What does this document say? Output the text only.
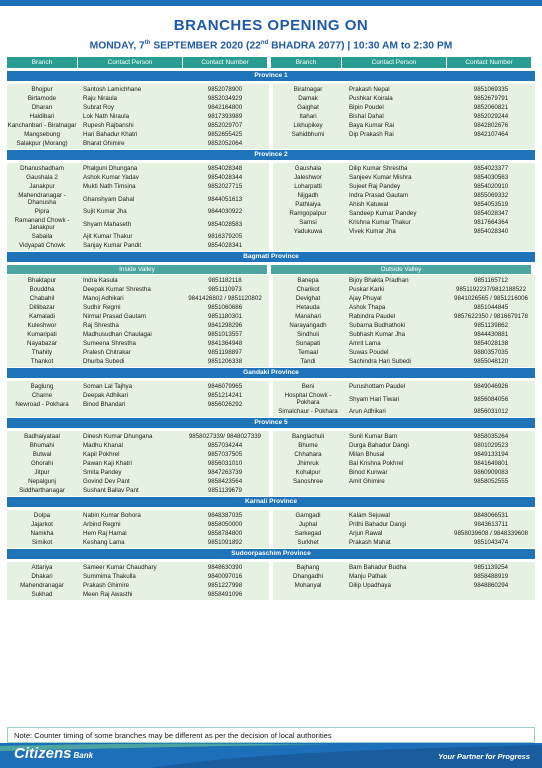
BRANCHES OPENING ON
MONDAY, 7th SEPTEMBER 2020 (22nd BHADRA 2077) | 10:30 AM to 2:30 PM
Branch	Contact Person	Contact Number	Branch	Contact Person	Contact Number
Province 1
Bhojpur	Santosh Lamichhane	9852078900
Birtamode	Raju Niraula	9852034929
Dharan	Subrat Roy	9842164800
Haldibari	Lok Nath Niraula	9817393989
Kanchanbari - Biratnagar	Rupesh Rajbanshi	9852029707
Mangsebung	Hari Bahadur Khatri	9852655425
Salakpur (Morang)	Bharat Ghimire	9852052064
Biratnagar	Prakash Nepal	9851069335
Damak	Pushkar Koirala	9852679791
Gaighat	Bipin Poudel	9852060821
Itahari	Bishal Dahal	9852029244
Likhupikey	Baya Kumar Rai	9842802676
Sahidbhumi	Dip Prakash Rai	9842107464
Province 2
Dhanushadham	Phalguni Dhungana	9854028348
Gaushala 2	Ashok Kumar Yadav	9854028344
Janakpur	Mukti Nath Timsina	9852027715
Mahendranagar - Dhanusha	Ghanshyam Dahal	9844051613
Pipra	Sujit Kumar Jha	9844030922
Ramanand Chowk - Janakpur	Shyam Mahaseth	9854028583
Sabaila	Ajit Kumar Thakur	9816379205
Vidyapati Chowk	Sanjay Kumar Pandit	9854028341
Gaushala	Dilip Kumar Shrestha	9854023377
Jaleshwor	Sanjeev Kumar Mishra	9854030563
Loharpatti	Sujeet Raj Pandey	9854020910
Nijgadh	Indra Prasad Gautam	9855069332
Pathlaiya	Ahish Katuwal	9854053519
Ramgopalpur	Sandeep Kumar Pandey	9854028347
Sarnsi	Krishna Kumar Thakur	9817664364
Yadukuwa	Vivek Kumar Jha	9854028340
Bagmati Province
Inside Valley	Outside Valley
Bhaktapur	Indra Kasula	9851182118
Bouddha	Deepak Kumar Shrestha	9851110973
Chabahil	Manoj Adhikari	9841426802 / 9851120802
Dillibazar	Sudhir Regmi	9851060686
Kamaladi	Nirmal Prasad Gautam	9851180301
Kuleshwor	Raj Shrestha	9841298296
Kumaripati	Madhusudhan Chaulagai	9851013557
Nayabazar	Sumeena Shrestha	9841364948
Thahity	Pralesh Chitrakar	9851198897
Thankot	Dhurba Subedi	9851206338
Banepa	Bijoy Bhakta Pradhan	9851165712
Charikot	Puskar Karki	9851192237/9812188522
Devighat	Ajay Phuyal	9841026565 / 9851216006
Hetauda	Ashok Thapa	9851044845
Manahari	Rabindra Paudel	9857622350 / 9816679178
Narayangadh	Subarna Budhathoki	9851139862
Sindhuli	Subhash Kumar Jha	9844430881
Sunapati	Amrit Lama	9854028138
Temaal	Suwas Poudel	9880357035
Tandi	Sachindra Hari Subedi	9855048120
Gandaki Province
Baglung	Soman Lal Tajhya	9846079965
Charne	Deepak Adhikari	9851214241
Newroad - Pokhara	Binod Bhandari	9856026292
Beni	Purushottam Paudel	9849046926
Hospital Chowk - Pokhara	Shyam Hari Tiwari	9856084056
Simalchaur - Pokhara	Arun Adhikari	9856031012
Province 5
Badhaiyataal	Dinesh Kumar Dhungana	9858027339/ 9848027339
Bhumahi	Madhu Khanal	9857034244
Butwal	Kapil Pokhrel	9857037505
Ghorahi	Pawan Kaji Khatri	9856031010
Jitpur	Smita Pandey	9847263739
Nepalgunj	Govind Dev Pant	9858423564
Siddharthanagar	Sushant Ballav Pant	9851139679
Banglachuli	Sunil Kumar Bam	9858035264
Bhume	Durga Bahadur Dangi	9801029523
Chhahara	Milan Bhusal	9849133194
Jhimruk	Bal Krishna Pokhrel	9841649801
Kohalpur	Binod Kunwar	9860909083
Sanoshree	Amit Ghimire	9858052555
Karnali Province
Dolpa	Nabin Kumar Bohora	9848387035
Jajarkot	Arbind Regmi	9858050000
Namkha	Hem Raj Hamal	9858784800
Simikot	Keshang Lama	9851091892
Gamgadi	Kalam Sejuwal	9848066531
Juphal	Prithi Bahadur Dangi	9843613711
Sarkegad	Arjun Rawal	9858039608 / 9848339608
Surkhet	Prakash Mahat	9851043474
Sudoorpaschim Province
Attariya	Sameer Kumar Chaudhary	9848630390
Dhakari	Summima Thakulla	9840097016
Mahendranagar	Prakash Ghimire	9851227998
Sukhad	Meen Raj Awasthi	9858491096
Bajhang	Bam Bahadur Budha	9851139254
Dhangadhi	Manju Pathak	9858488919
Mohanyal	Dilip Upadhaya	9848860294
Note: Counter timing of some branches may be different as per the decision of local authorities
Citizens Bank	Your Partner for Progress
